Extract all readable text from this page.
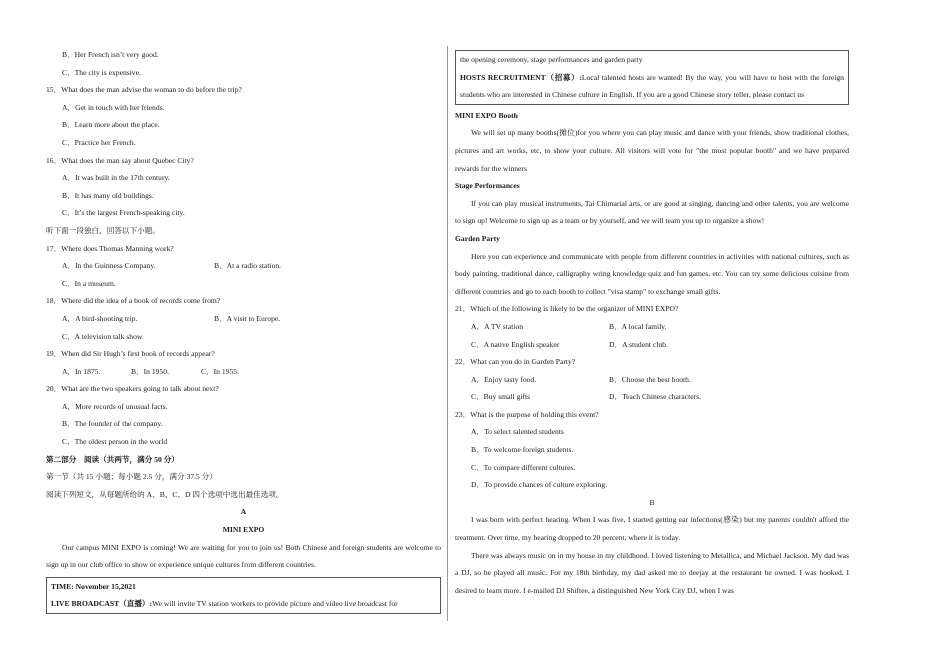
B．Her French isn’t very good.
C．The city is expensive.
15．What does the man advise the woman to do before the trip?
A．Get in touch with her friends.
B．Learn more about the place.
C．Practice her French.
16．What does the man say about Quebec City?
A．It was built in the 17th century.
B．It has many old buildings.
C．It’s the largest French-speaking city.
听下面一段独白，回答以下小题。
17．Where does Thomas Manning work?
A．In the Guinness Company.	B．At a radio station.
C．In a museum.
18．Where did the idea of a book of records come from?
A．A bird-shooting trip.	B．A visit to Europe.
C．A television talk show.
19．When did Sir Hugh’s first book of records appear?
A．In 1875.	B．In 1950.	C．In 1955.
20．What are the two speakers going to talk about next?
A．More records of unusual facts.
B．The founder of the company.
C．The oldest person in the world
第二部分　阅读（共两节，满分 50 分）
第一节（共 15 小题；每小题 2.5 分，满分 37.5 分）
阅读下列短文，从每题所给的 A、B、C、D 四个选项中选出最佳选项。
A
MINI EXPO
Our campus MINI EXPO is coming! We are waiting for you to join us! Both Chinese and foreign students are welcome to sign up in our club office to show or experience unique cultures from different countries.
TIME: November 15,2021
LIVE BROADCAST（直播）:We will invite TV station workers to provide picture and video live broadcast for
the opening ceremony, stage performances and garden party
HOSTS RECRUITMENT（招募）:Local talented hosts are wanted! By the way, you will have to host with the foreign students who are interested in Chinese culture in English. If you are a good Chinese story teller, please contact us
MINI EXPO Booth
We will set up many booths(摊位)for you where you can play music and dance with your friends, show traditional clothes, pictures and art works, etc, to show your culture. All visitors will vote for "the most popular booth" and we have prepared rewards for the winners
Stage Performances
If you can play musical instruments, Tai Chimarial arts, or are good at singing, dancing and other talents, you are welcome to sign up! Welcome to sign up as a team or by yourself, and we will team you up to organize a show!
Garden Party
Here you can experience and communicate with people from different countries in activities with national cultures, such as body painting, traditional dance, calligraphy wring knowledge quiz and fun games, etc. You can try some delicious cuisine from different countries and go to each booth to collect "visa stamp" to exchange small gifts.
21．Which of the following is likely to be the organizer of MINI EXPO?
A．A TV station	B．A local family.
C．A native English speaker	D．A student club.
22．What can you do in Garden Party?
A．Enjoy tasty food.	B．Choose the best booth.
C．Buy small gifts	D．Teach Chinese characters.
23．What is the purpose of holding this event?
A．To select talented students
B．To welcome foreign students.
C．To compare different cultures.
D．To provide chances of culture exploring.
B
I was born with perfect hearing. When I was five, I started getting ear infections(感染) but my parents couldn't afford the treatment. Over time, my hearing dropped to 20 percent, where it is today.
There was always music on in my house in my childhood. I loved listening to Metallica, and Michael Jackson. My dad was a DJ, so he played all music. For my 18th birthday, my dad asked me to deejay at the restaurant he owned. I was hooked. I desired to learn more. I e-mailed DJ Shiftee, a distinguished New York City DJ, when I was
